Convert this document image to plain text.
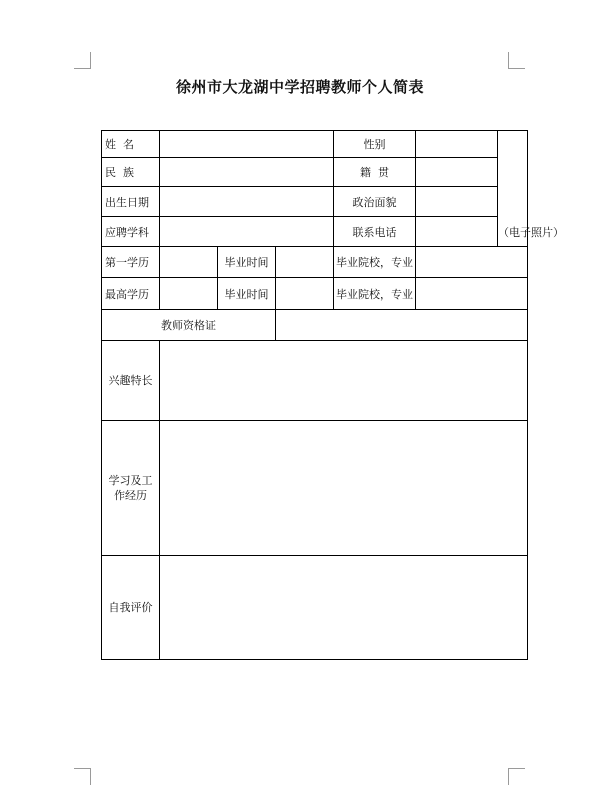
徐州市大龙湖中学招聘教师个人简表
姓  名				性别		（电子照片）
民  族				籍  贯		
出生日期				政治面貌		
应聘学科				联系电话		
第一学历		毕业时间		毕业院校，专业		
最高学历		毕业时间		毕业院校，专业		
教师资格证						
兴趣特长						
学习及工作经历						
自我评价						
